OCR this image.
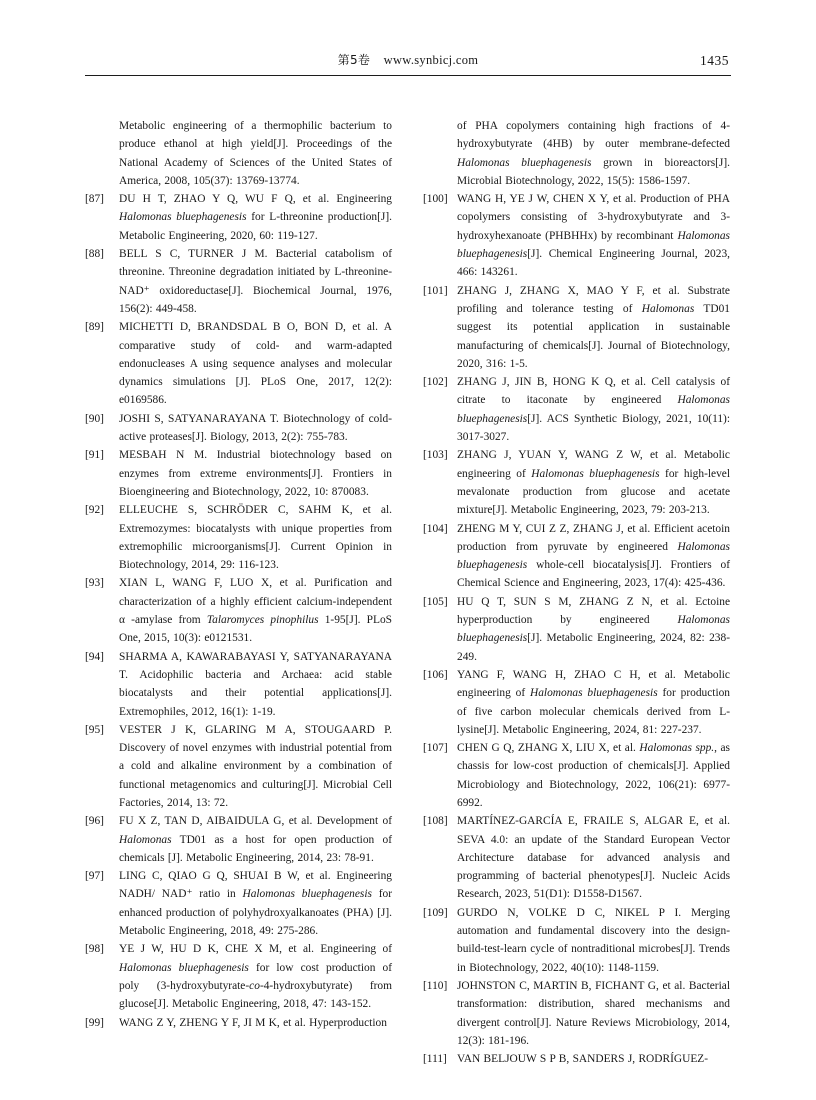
第5卷 www.synbicj.com	1435
Metabolic engineering of a thermophilic bacterium to produce ethanol at high yield[J]. Proceedings of the National Academy of Sciences of the United States of America, 2008, 105(37): 13769-13774.
[87] DU H T, ZHAO Y Q, WU F Q, et al. Engineering Halomonas bluephagenesis for L-threonine production[J]. Metabolic Engineering, 2020, 60: 119-127.
[88] BELL S C, TURNER J M. Bacterial catabolism of threonine. Threonine degradation initiated by L-threonine-NAD⁺ oxidoreductase[J]. Biochemical Journal, 1976, 156(2): 449-458.
[89] MICHETTI D, BRANDSDAL B O, BON D, et al. A comparative study of cold- and warm-adapted endonucleases A using sequence analyses and molecular dynamics simulations [J]. PLoS One, 2017, 12(2): e0169586.
[90] JOSHI S, SATYANARAYANA T. Biotechnology of cold-active proteases[J]. Biology, 2013, 2(2): 755-783.
[91] MESBAH N M. Industrial biotechnology based on enzymes from extreme environments[J]. Frontiers in Bioengineering and Biotechnology, 2022, 10: 870083.
[92] ELLEUCHE S, SCHRÖDER C, SAHM K, et al. Extremozymes: biocatalysts with unique properties from extremophilic microorganisms[J]. Current Opinion in Biotechnology, 2014, 29: 116-123.
[93] XIAN L, WANG F, LUO X, et al. Purification and characterization of a highly efficient calcium-independent α -amylase from Talaromyces pinophilus 1-95[J]. PLoS One, 2015, 10(3): e0121531.
[94] SHARMA A, KAWARABAYASI Y, SATYANARAYANA T. Acidophilic bacteria and Archaea: acid stable biocatalysts and their potential applications[J]. Extremophiles, 2012, 16(1): 1-19.
[95] VESTER J K, GLARING M A, STOUGAARD P. Discovery of novel enzymes with industrial potential from a cold and alkaline environment by a combination of functional metagenomics and culturing[J]. Microbial Cell Factories, 2014, 13: 72.
[96] FU X Z, TAN D, AIBAIDULA G, et al. Development of Halomonas TD01 as a host for open production of chemicals [J]. Metabolic Engineering, 2014, 23: 78-91.
[97] LING C, QIAO G Q, SHUAI B W, et al. Engineering NADH/ NAD⁺ ratio in Halomonas bluephagenesis for enhanced production of polyhydroxyalkanoates (PHA) [J]. Metabolic Engineering, 2018, 49: 275-286.
[98] YE J W, HU D K, CHE X M, et al. Engineering of Halomonas bluephagenesis for low cost production of poly (3-hydroxybutyrate-co-4-hydroxybutyrate) from glucose[J]. Metabolic Engineering, 2018, 47: 143-152.
[99] WANG Z Y, ZHENG Y F, JI M K, et al. Hyperproduction
of PHA copolymers containing high fractions of 4-hydroxybutyrate (4HB) by outer membrane-defected Halomonas bluephagenesis grown in bioreactors[J]. Microbial Biotechnology, 2022, 15(5): 1586-1597.
[100] WANG H, YE J W, CHEN X Y, et al. Production of PHA copolymers consisting of 3-hydroxybutyrate and 3-hydroxyhexanoate (PHBHHx) by recombinant Halomonas bluephagenesis[J]. Chemical Engineering Journal, 2023, 466: 143261.
[101] ZHANG J, ZHANG X, MAO Y F, et al. Substrate profiling and tolerance testing of Halomonas TD01 suggest its potential application in sustainable manufacturing of chemicals[J]. Journal of Biotechnology, 2020, 316: 1-5.
[102] ZHANG J, JIN B, HONG K Q, et al. Cell catalysis of citrate to itaconate by engineered Halomonas bluephagenesis[J]. ACS Synthetic Biology, 2021, 10(11): 3017-3027.
[103] ZHANG J, YUAN Y, WANG Z W, et al. Metabolic engineering of Halomonas bluephagenesis for high-level mevalonate production from glucose and acetate mixture[J]. Metabolic Engineering, 2023, 79: 203-213.
[104] ZHENG M Y, CUI Z Z, ZHANG J, et al. Efficient acetoin production from pyruvate by engineered Halomonas bluephagenesis whole-cell biocatalysis[J]. Frontiers of Chemical Science and Engineering, 2023, 17(4): 425-436.
[105] HU Q T, SUN S M, ZHANG Z N, et al. Ectoine hyperproduction by engineered Halomonas bluephagenesis[J]. Metabolic Engineering, 2024, 82: 238-249.
[106] YANG F, WANG H, ZHAO C H, et al. Metabolic engineering of Halomonas bluephagenesis for production of five carbon molecular chemicals derived from L-lysine[J]. Metabolic Engineering, 2024, 81: 227-237.
[107] CHEN G Q, ZHANG X, LIU X, et al. Halomonas spp., as chassis for low-cost production of chemicals[J]. Applied Microbiology and Biotechnology, 2022, 106(21): 6977-6992.
[108] MARTÍNEZ-GARCÍA E, FRAILE S, ALGAR E, et al. SEVA 4.0: an update of the Standard European Vector Architecture database for advanced analysis and programming of bacterial phenotypes[J]. Nucleic Acids Research, 2023, 51(D1): D1558-D1567.
[109] GURDO N, VOLKE D C, NIKEL P I. Merging automation and fundamental discovery into the design-build-test-learn cycle of nontraditional microbes[J]. Trends in Biotechnology, 2022, 40(10): 1148-1159.
[110] JOHNSTON C, MARTIN B, FICHANT G, et al. Bacterial transformation: distribution, shared mechanisms and divergent control[J]. Nature Reviews Microbiology, 2014, 12(3): 181-196.
[111] VAN BELJOUW S P B, SANDERS J, RODRÍGUEZ-
